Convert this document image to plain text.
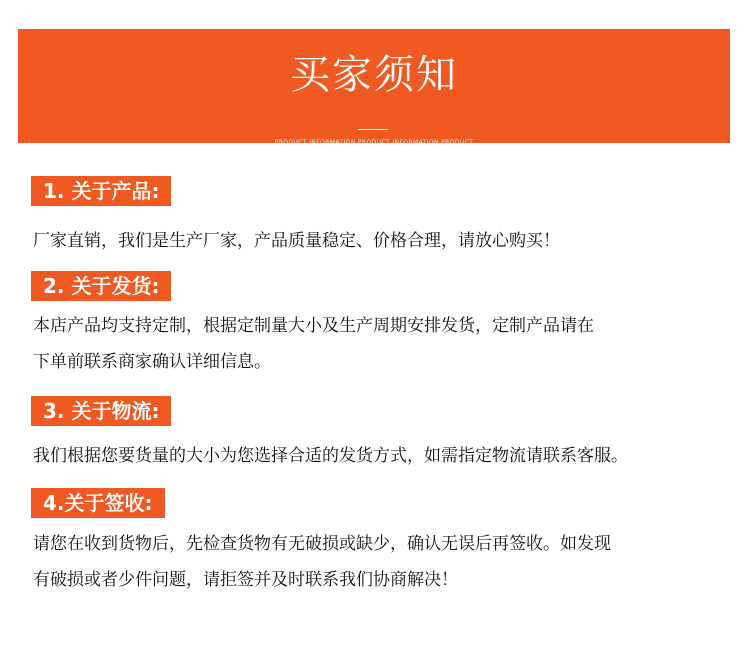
买家须知
PRODUCT INFORMATION PRODUCT INFORMATION PRODUCT
1. 关于产品:
厂家直销，我们是生产厂家，产品质量稳定、价格合理，请放心购买！
2. 关于发货:
本店产品均支持定制，根据定制量大小及生产周期安排发货，定制产品请在
下单前联系商家确认详细信息。
3. 关于物流:
我们根据您要货量的大小为您选择合适的发货方式，如需指定物流请联系客服。
4.关于签收:
请您在收到货物后，先检查货物有无破损或缺少，确认无误后再签收。如发现
有破损或者少件问题，请拒签并及时联系我们协商解决！
